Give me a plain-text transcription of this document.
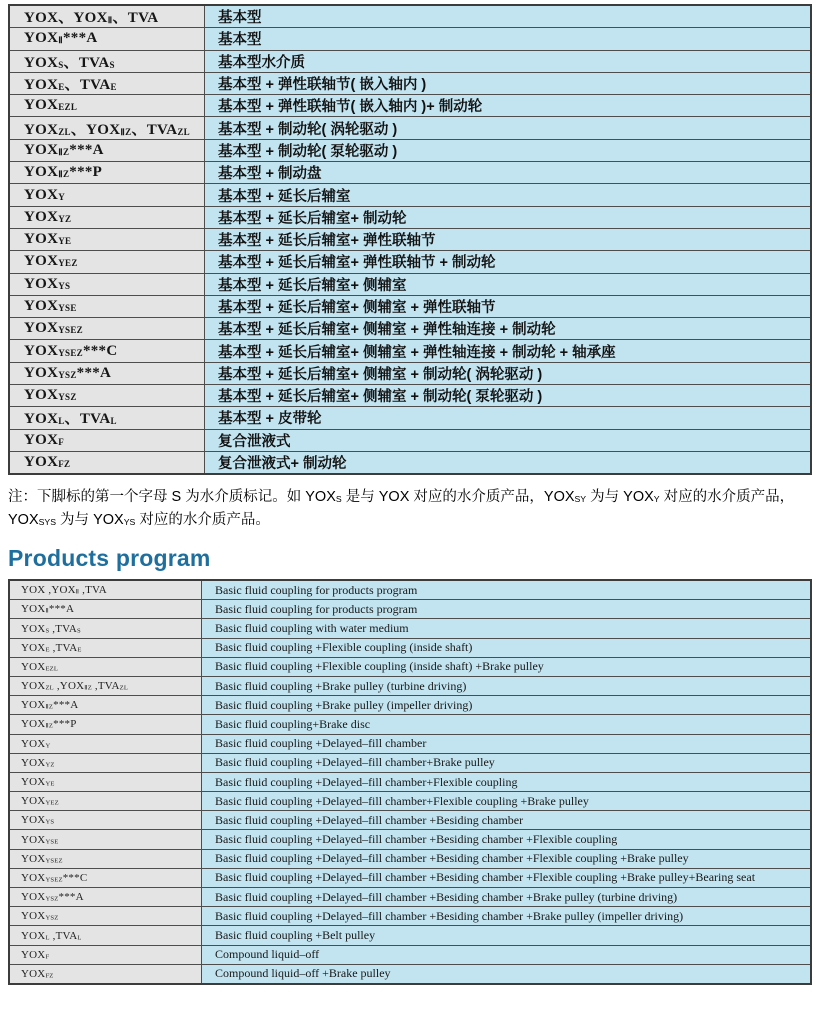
YOX、$YOX_Ⅱ$、TVA	基本型
$YOX_Ⅱ***A$	基本型
$YOX_S$、$TVA_S$	基本型水介质
$YOX_E$、$TVA_E$	基本型 + 弹性联轴节( 嵌入轴内 )
$YOX_{EZL}$	基本型 + 弹性联轴节( 嵌入轴内 )+ 制动轮
$YOX_{ZL}$、$YOX_{ⅡZ}$、$TVA_{ZL}$	基本型 + 制动轮( 涡轮驱动 )
$YOX_{ⅡZ}***A$	基本型 + 制动轮( 泵轮驱动 )
$YOX_{ⅡZ}***P$	基本型 + 制动盘
$YOX_Y$	基本型 + 延长后辅室
$YOX_{YZ}$	基本型 + 延长后辅室+ 制动轮
$YOX_{YE}$	基本型 + 延长后辅室+ 弹性联轴节
$YOX_{YEZ}$	基本型 + 延长后辅室+ 弹性联轴节 + 制动轮
$YOX_{YS}$	基本型 + 延长后辅室+ 侧辅室
$YOX_{YSE}$	基本型 + 延长后辅室+ 侧辅室 + 弹性联轴节
$YOX_{YSEZ}$	基本型 + 延长后辅室+ 侧辅室 + 弹性轴连接 + 制动轮
$YOX_{YSEZ}***C$	基本型 + 延长后辅室+ 侧辅室 + 弹性轴连接 + 制动轮 + 轴承座
$YOX_{YSZ}***A$	基本型 + 延长后辅室+ 侧辅室 + 制动轮( 涡轮驱动 )
$YOX_{YSZ}$	基本型 + 延长后辅室+ 侧辅室 + 制动轮( 泵轮驱动 )
$YOX_L$、$TVA_L$	基本型 + 皮带轮
$YOX_F$	复合泄液式
$YOX_{FZ}$	复合泄液式+ 制动轮

注：下脚标的第一个字母 S 为水介质标记。如 $YOX_S$ 是与 YOX 对应的水介质产品，$YOX_{SY}$ 为与 $YOX_Y$ 对应的水介质产品，$YOX_{SYS}$ 为与 $YOX_{YS}$ 对应的水介质产品。

Products program
YOX $,YOX_Ⅱ$ ,TVA	Basic fluid coupling for products program
$YOX_Ⅱ***A$	Basic fluid coupling for products program
$YOX_S$ $,TVA_S$	Basic fluid coupling with water medium
$YOX_E$ $,TVA_E$	Basic fluid coupling +Flexible coupling (inside shaft)
$YOX_{EZL}$	Basic fluid coupling +Flexible coupling (inside shaft) +Brake pulley
$YOX_{ZL}$ $,YOX_{ⅡZ}$ $,TVA_{ZL}$	Basic fluid coupling +Brake pulley (turbine driving)
$YOX_{ⅡZ}***A$	Basic fluid coupling +Brake pulley (impeller driving)
$YOX_{ⅡZ}***P$	Basic fluid coupling+Brake disc
$YOX_Y$	Basic fluid coupling +Delayed–fill chamber
$YOX_{YZ}$	Basic fluid coupling +Delayed–fill chamber+Brake pulley
$YOX_{YE}$	Basic fluid coupling +Delayed–fill chamber+Flexible coupling
$YOX_{YEZ}$	Basic fluid coupling +Delayed–fill chamber+Flexible coupling +Brake pulley
$YOX_{YS}$	Basic fluid coupling +Delayed–fill chamber +Besiding chamber
$YOX_{YSE}$	Basic fluid coupling +Delayed–fill chamber +Besiding chamber +Flexible coupling
$YOX_{YSEZ}$	Basic fluid coupling +Delayed–fill chamber +Besiding chamber +Flexible coupling +Brake pulley
$YOX_{YSEZ}***C$	Basic fluid coupling +Delayed–fill chamber +Besiding chamber +Flexible coupling +Brake pulley+Bearing seat
$YOX_{YSZ}***A$	Basic fluid coupling +Delayed–fill chamber +Besiding chamber +Brake pulley (turbine driving)
$YOX_{YSZ}$	Basic fluid coupling +Delayed–fill chamber +Besiding chamber +Brake pulley (impeller driving)
$YOX_L$ $,TVA_L$	Basic fluid coupling +Belt pulley
$YOX_F$	Compound liquid–off
$YOX_{FZ}$	Compound liquid–off +Brake pulley
